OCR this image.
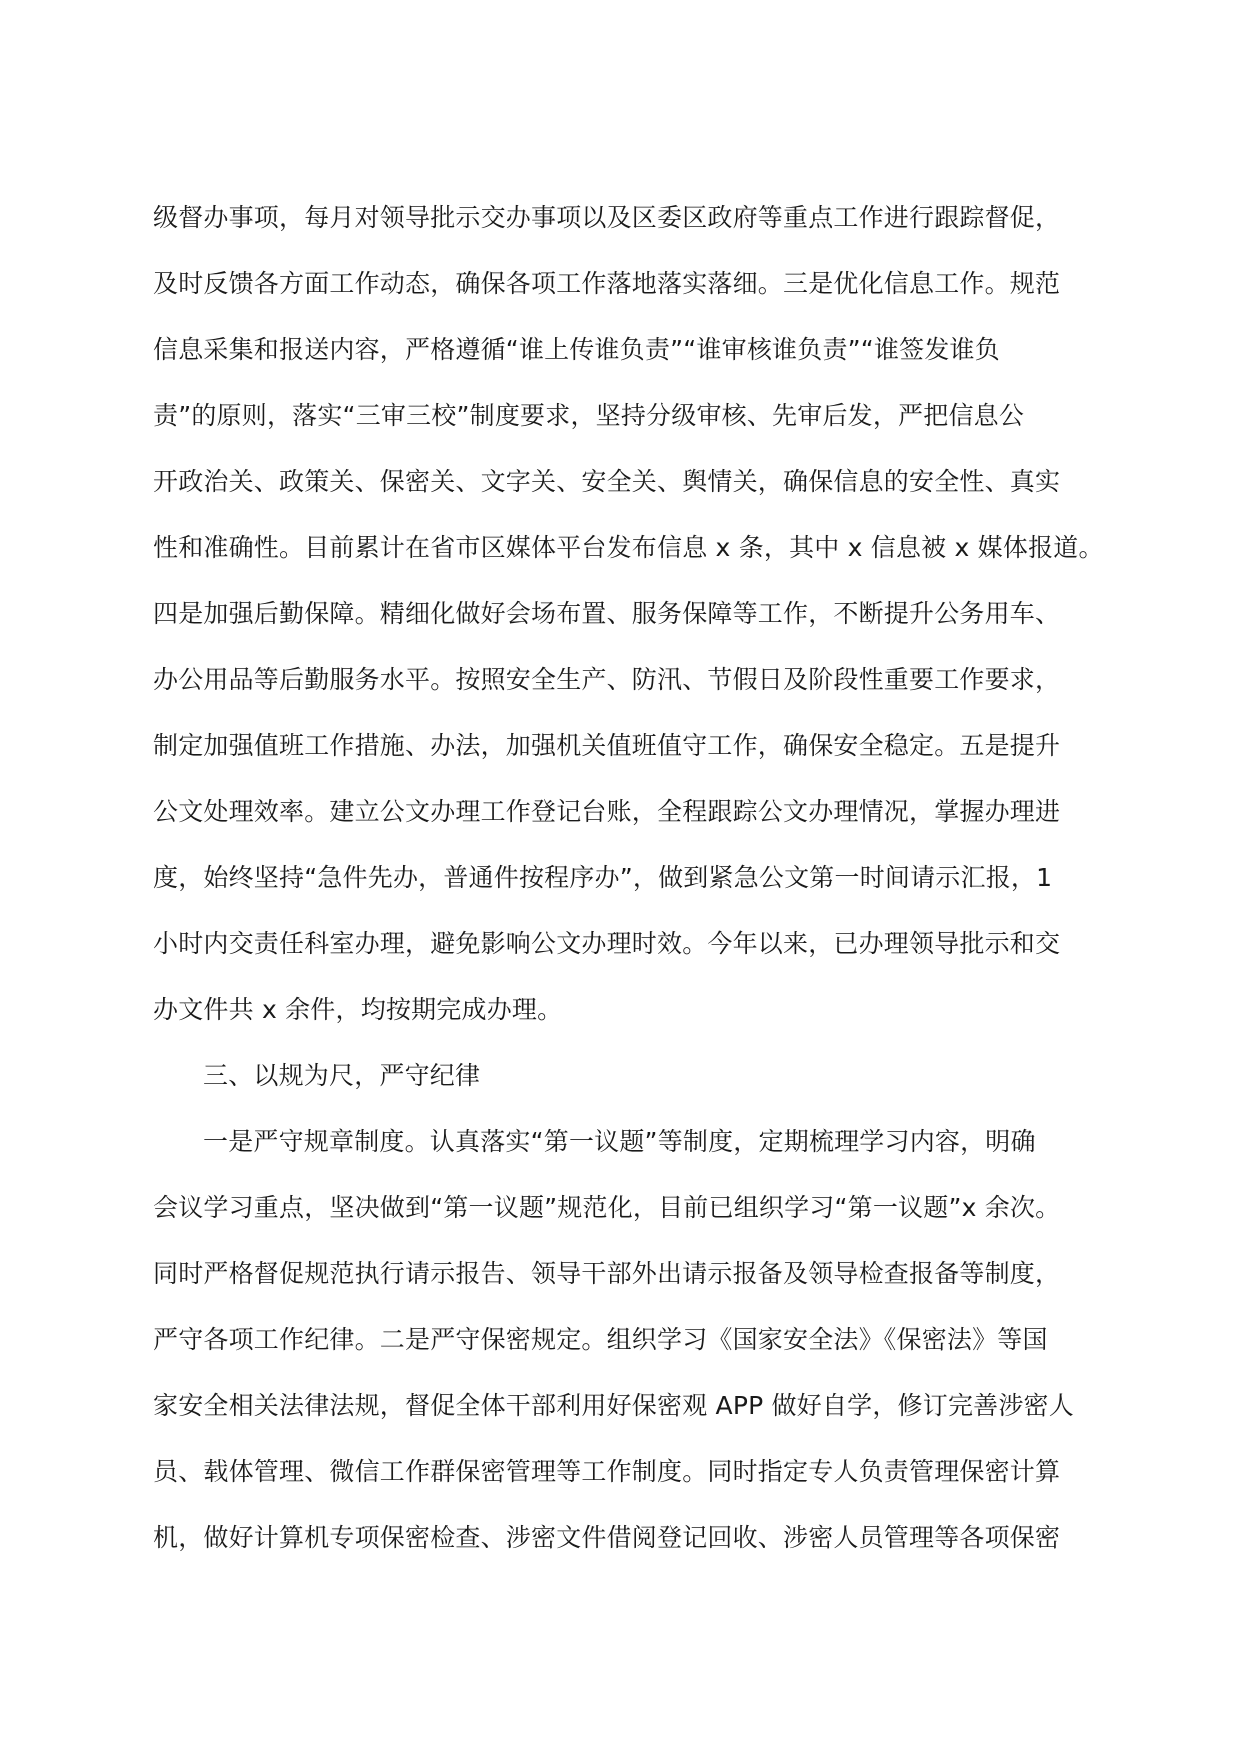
级督办事项，每月对领导批示交办事项以及区委区政府等重点工作进行跟踪督促，
及时反馈各方面工作动态，确保各项工作落地落实落细。三是优化信息工作。规范
信息采集和报送内容，严格遵循“谁上传谁负责”“谁审核谁负责”“谁签发谁负
责”的原则，落实“三审三校”制度要求，坚持分级审核、先审后发，严把信息公
开政治关、政策关、保密关、文字关、安全关、舆情关，确保信息的安全性、真实
性和准确性。目前累计在省市区媒体平台发布信息 x 条，其中 x 信息被 x 媒体报道。
四是加强后勤保障。精细化做好会场布置、服务保障等工作，不断提升公务用车、
办公用品等后勤服务水平。按照安全生产、防汛、节假日及阶段性重要工作要求，
制定加强值班工作措施、办法，加强机关值班值守工作，确保安全稳定。五是提升
公文处理效率。建立公文办理工作登记台账，全程跟踪公文办理情况，掌握办理进
度，始终坚持“急件先办，普通件按程序办”，做到紧急公文第一时间请示汇报，1
小时内交责任科室办理，避免影响公文办理时效。今年以来，已办理领导批示和交
办文件共 x 余件，均按期完成办理。
三、以规为尺，严守纪律
一是严守规章制度。认真落实“第一议题”等制度，定期梳理学习内容，明确
会议学习重点，坚决做到“第一议题”规范化，目前已组织学习“第一议题”x 余次。
同时严格督促规范执行请示报告、领导干部外出请示报备及领导检查报备等制度，
严守各项工作纪律。二是严守保密规定。组织学习《国家安全法》《保密法》等国
家安全相关法律法规，督促全体干部利用好保密观 APP 做好自学，修订完善涉密人
员、载体管理、微信工作群保密管理等工作制度。同时指定专人负责管理保密计算
机，做好计算机专项保密检查、涉密文件借阅登记回收、涉密人员管理等各项保密
